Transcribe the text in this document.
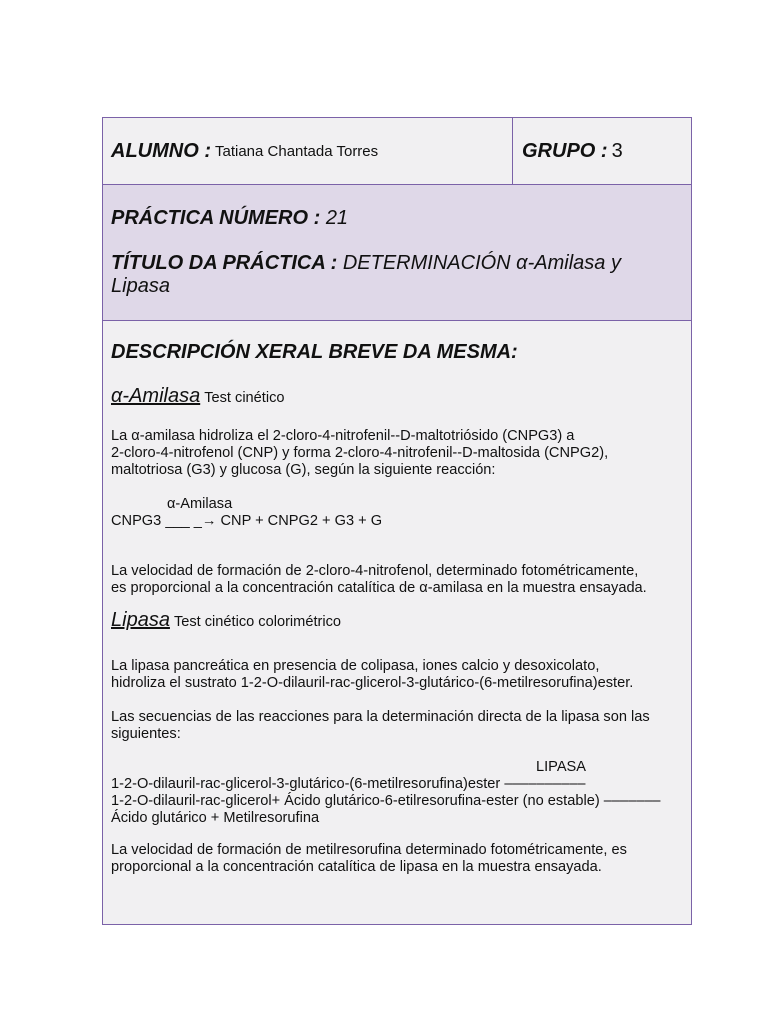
ALUMNO : Tatiana Chantada Torres	GRUPO : 3
PRÁCTICA NÚMERO : 21
TÍTULO DA PRÁCTICA : DETERMINACIÓN α-Amilasa y Lipasa
DESCRIPCIÓN XERAL BREVE DA MESMA:
α-Amilasa Test cinético

La α-amilasa hidroliza el 2-cloro-4-nitrofenil--D-maltotriósido (CNPG3) a

2-cloro-4-nitrofenol (CNP) y forma 2-cloro-4-nitrofenil--D-maltosida (CNPG2),

maltotriosa (G3) y glucosa (G), según la siguiente reacción:

α-Amilasa

CNPG3 ___ _→ CNP + CNPG2 + G3 + G

La velocidad de formación de 2-cloro-4-nitrofenol, determinado fotométricamente,

es proporcional a la concentración catalítica de α-amilasa en la muestra ensayada.

Lipasa Test cinético colorimétrico

La lipasa pancreática en presencia de colipasa, iones calcio y desoxicolato,

hidroliza el sustrato 1-2-O-dilauril-rac-glicerol-3-glutárico-(6-metilresorufina)ester.

Las secuencias de las reacciones para la determinación directa de la lipasa son las

siguientes:

LIPASA

1-2-O-dilauril-rac-glicerol-3-glutárico-(6-metilresorufina)ester ––––––––––

1-2-O-dilauril-rac-glicerol+ Ácido glutárico-6-etilresorufina-ester (no estable) –––––––

Ácido glutárico + Metilresorufina

La velocidad de formación de metilresorufina determinado fotométricamente, es

proporcional a la concentración catalítica de lipasa en la muestra ensayada.
